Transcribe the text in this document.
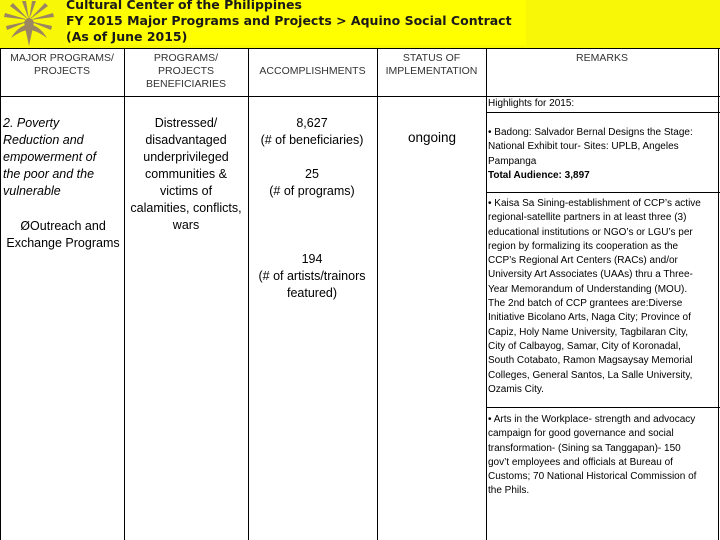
Cultural Center of the Philippines
FY 2015 Major Programs and Projects > Aquino Social Contract
(As of June 2015)
MAJOR PROGRAMS/
PROJECTS
PROGRAMS/
PROJECTS
BENEFICIARIES
ACCOMPLISHMENTS
STATUS OF
IMPLEMENTATION
REMARKS
2. Poverty
Reduction and
empowerment of
the poor and the
vulnerable
ØOutreach and
Exchange Programs
Distressed/
disadvantaged
underprivileged
communities &
victims of
calamities, conflicts,
wars
8,627
(# of beneficiaries)
25
(# of programs)
194
(# of artists/trainors
featured)
ongoing
Highlights for 2015:
• Badong: Salvador Bernal Designs the Stage:
National Exhibit tour- Sites: UPLB, Angeles
Pampanga
Total Audience: 3,897
• Kaisa Sa Sining-establishment of CCP’s active
regional-satellite partners in at least three (3)
educational institutions or NGO’s or LGU’s per
region by formalizing its cooperation as the
CCP’s Regional Art Centers (RACs) and/or
University Art Associates (UAAs) thru a Three-
Year Memorandum of Understanding (MOU).
The 2nd batch of CCP grantees are:Diverse
Initiative Bicolano Arts, Naga City; Province of
Capiz, Holy Name University, Tagbilaran City,
City of Calbayog, Samar, City of Koronadal,
South Cotabato, Ramon Magsaysay Memorial
Colleges, General Santos, La Salle University,
Ozamis City.
• Arts in the Workplace- strength and advocacy
campaign for good governance and social
transformation- (Sining sa Tanggapan)- 150
gov’t employees and officials at Bureau of
Customs; 70 National Historical Commission of
the Phils.
